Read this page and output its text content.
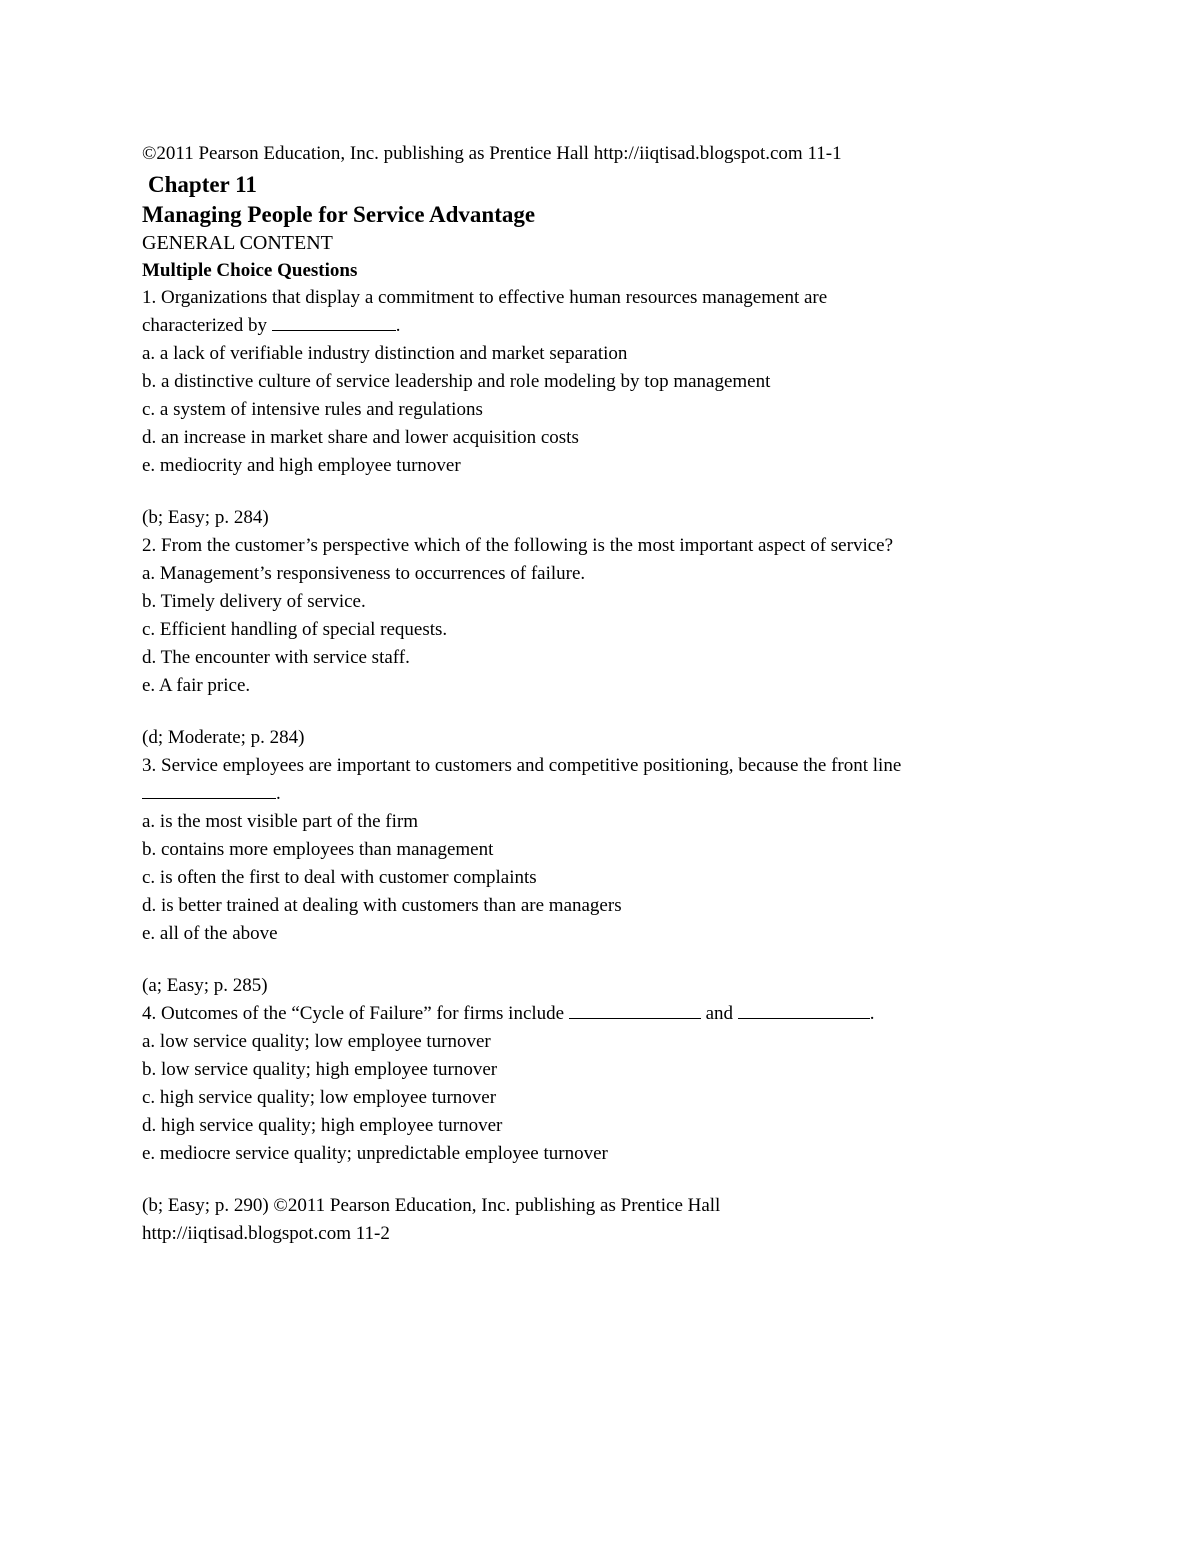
©2011 Pearson Education, Inc. publishing as Prentice Hall http://iiqtisad.blogspot.com 11-1
Chapter 11
Managing People for Service Advantage
GENERAL CONTENT
Multiple Choice Questions
1. Organizations that display a commitment to effective human resources management are
characterized by	.
a. a lack of verifiable industry distinction and market separation
b. a distinctive culture of service leadership and role modeling by top management
c. a system of intensive rules and regulations
d. an increase in market share and lower acquisition costs
e. mediocrity and high employee turnover
(b; Easy; p. 284)
2. From the customer’s perspective which of the following is the most important aspect of service?
a. Management’s responsiveness to occurrences of failure.
b. Timely delivery of service.
c. Efficient handling of special requests.
d. The encounter with service staff.
e. A fair price.
(d; Moderate; p. 284)
3. Service employees are important to customers and competitive positioning, because the front line
.
a. is the most visible part of the firm
b. contains more employees than management
c. is often the first to deal with customer complaints
d. is better trained at dealing with customers than are managers
e. all of the above
(a; Easy; p. 285)
4. Outcomes of the “Cycle of Failure” for firms include	and	.
a. low service quality; low employee turnover
b. low service quality; high employee turnover
c. high service quality; low employee turnover
d. high service quality; high employee turnover
e. mediocre service quality; unpredictable employee turnover
(b; Easy; p. 290) ©2011 Pearson Education, Inc. publishing as Prentice Hall
http://iiqtisad.blogspot.com 11-2
